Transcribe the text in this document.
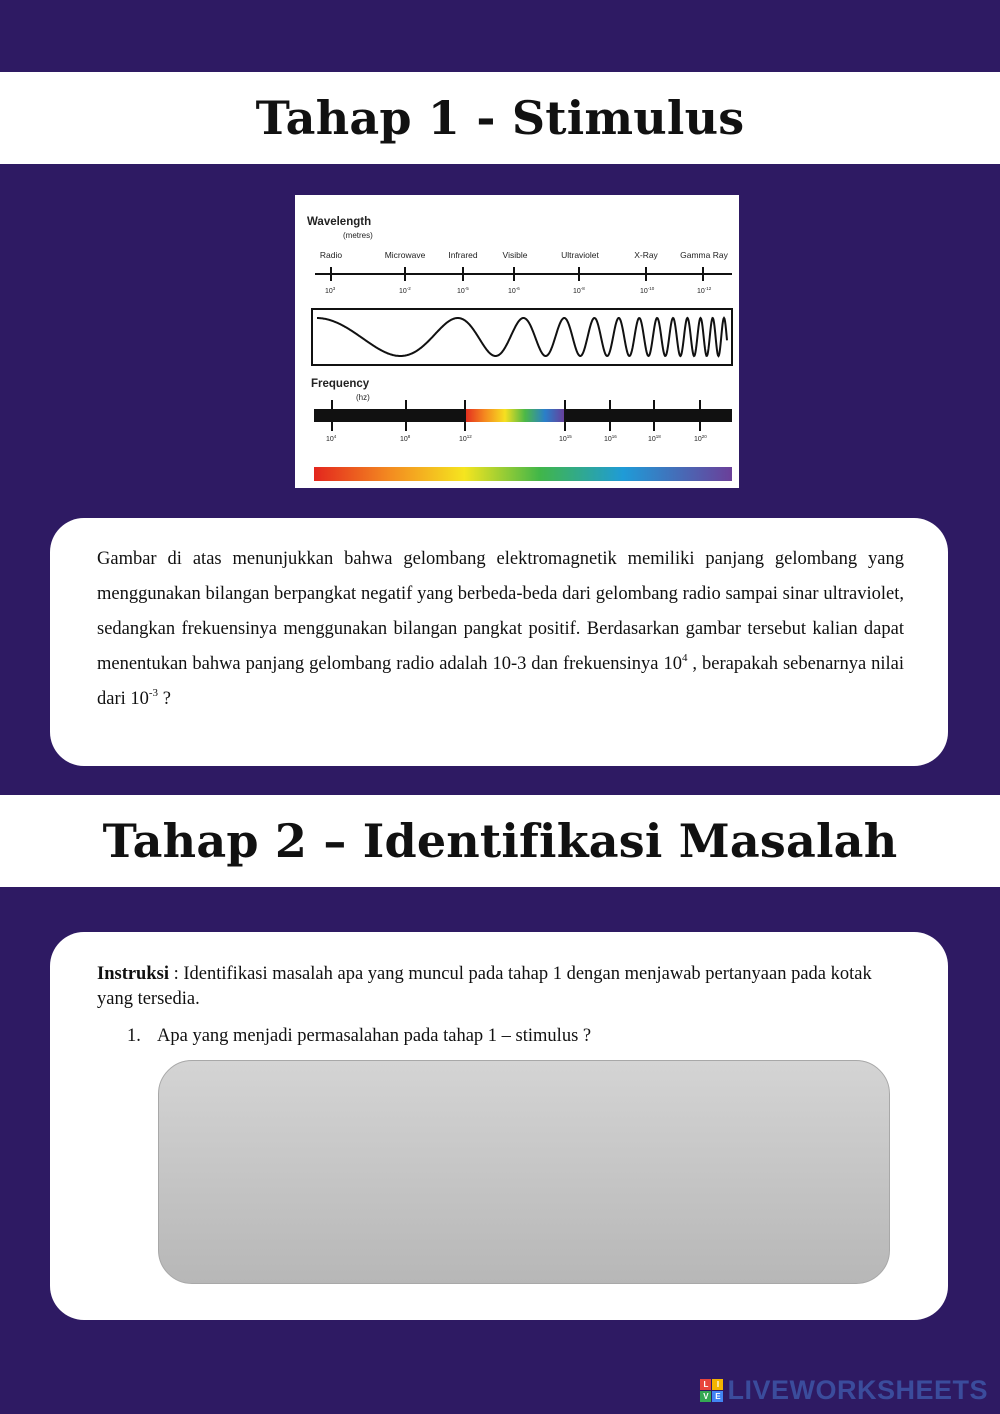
Tahap 1 - Stimulus
Wavelength
(metres)
Radio	Microwave	Infrared	Visible	Ultraviolet	X-Ray	Gamma Ray
$10^3$	$10^{-2}$	$10^{-5}$	$10^{-6}$	$10^{-8}$	$10^{-10}$	$10^{-12}$
Frequency
(hz)
$10^4$	$10^8$	$10^{12}$	$10^{15}$	$10^{16}$	$10^{18}$	$10^{20}$

Gambar di atas menunjukkan bahwa gelombang elektromagnetik memiliki panjang gelombang yang menggunakan bilangan berpangkat negatif yang berbeda-beda dari gelombang radio sampai sinar ultraviolet, sedangkan frekuensinya menggunakan bilangan pangkat positif. Berdasarkan gambar tersebut kalian dapat menentukan bahwa panjang gelombang radio adalah 10-3 dan frekuensinya $10^4$ , berapakah sebenarnya nilai dari $10^{-3}$ ?

Tahap 2 – Identifikasi Masalah

Instruksi : Identifikasi masalah apa yang muncul pada tahap 1 dengan menjawab pertanyaan pada kotak yang tersedia.

1. Apa yang menjadi permasalahan pada tahap 1 – stimulus ?
L	I
V E LIVEWORKSHEETS
